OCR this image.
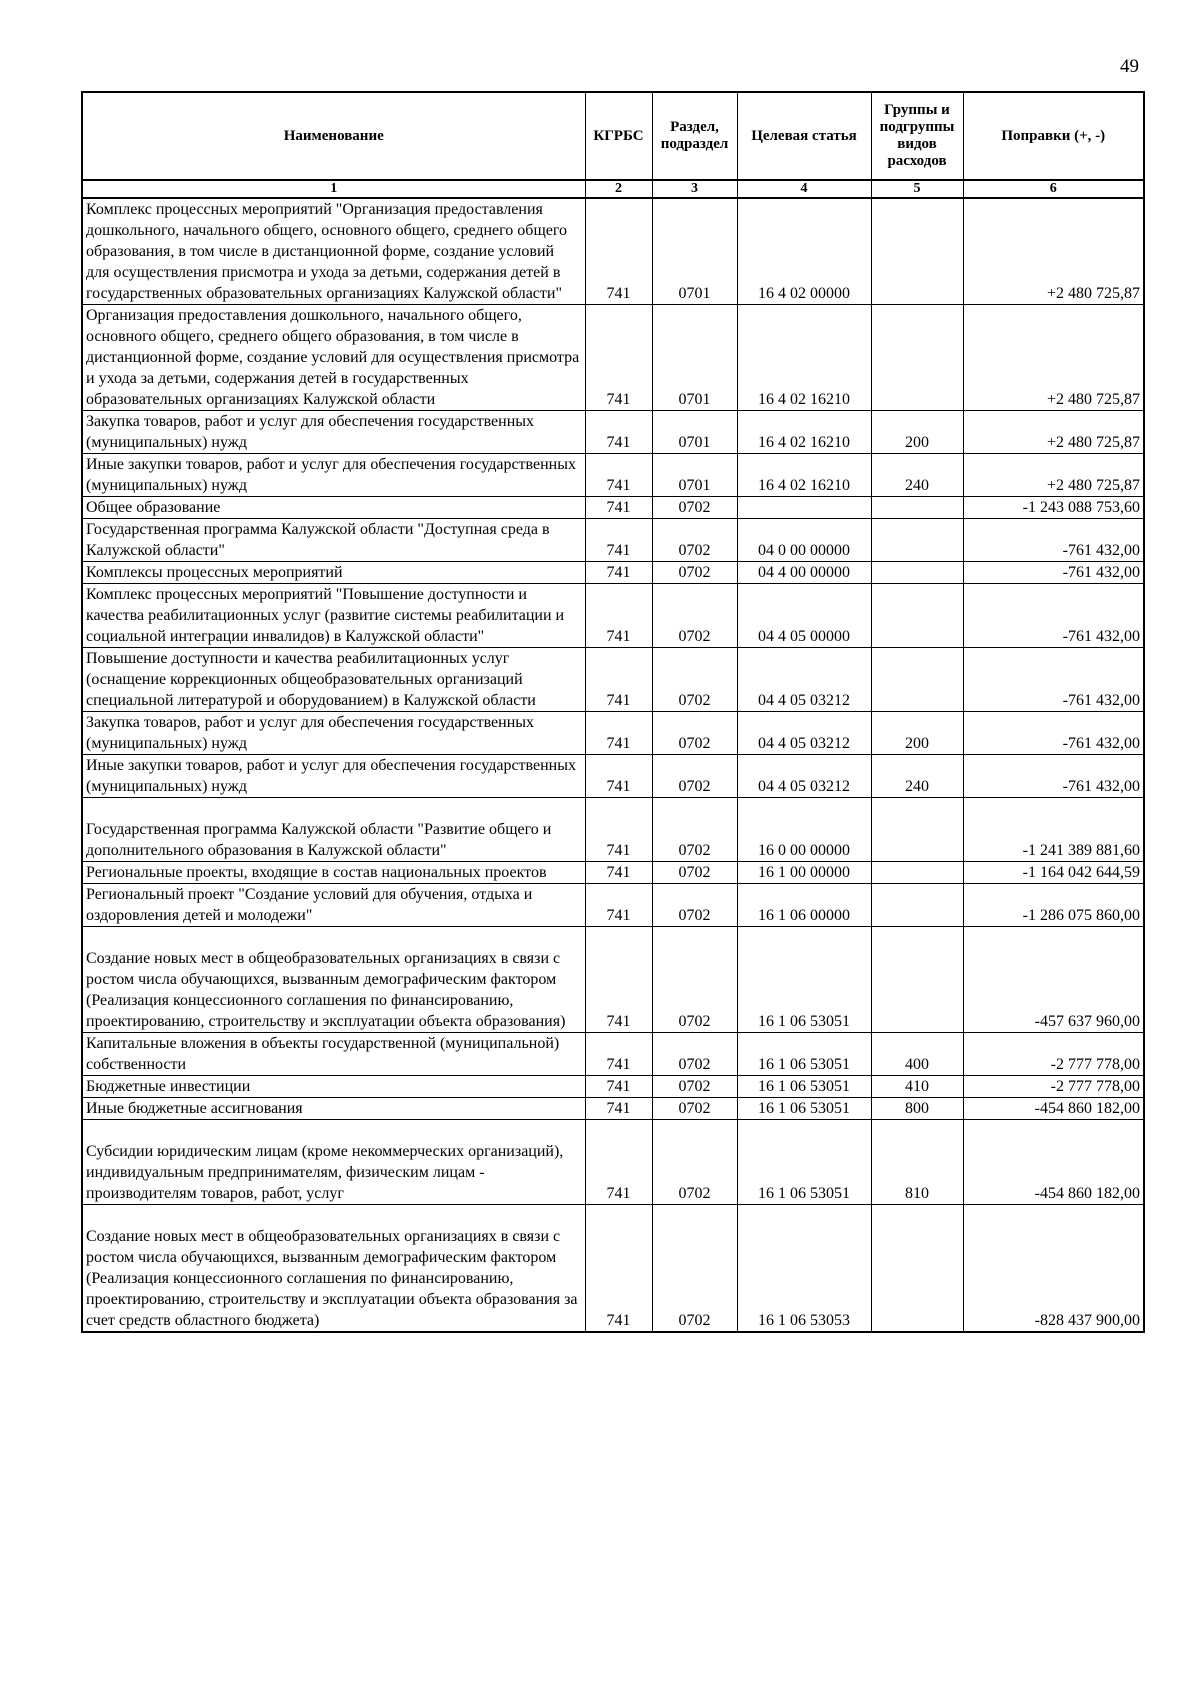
49
Наименование	КГРБС	Раздел, подраздел	Целевая статья	Группы и подгруппы видов расходов	Поправки (+, -)
1	2	3	4	5	6
Комплекс процессных мероприятий "Организация предоставления дошкольного, начального общего, основного общего, среднего общего образования, в том числе в дистанционной форме, создание условий для осуществления присмотра и ухода за детьми, содержания детей в государственных образовательных организациях Калужской области"	741	0701	16 4 02 00000		+2 480 725,87
Организация предоставления дошкольного, начального общего, основного общего, среднего общего образования, в том числе в дистанционной форме, создание условий для осуществления присмотра и ухода за детьми, содержания детей в государственных образовательных организациях Калужской области	741	0701	16 4 02 16210		+2 480 725,87
Закупка товаров, работ и услуг для обеспечения государственных (муниципальных) нужд	741	0701	16 4 02 16210	200	+2 480 725,87
Иные закупки товаров, работ и услуг для обеспечения государственных (муниципальных) нужд	741	0701	16 4 02 16210	240	+2 480 725,87
Общее образование	741	0702			-1 243 088 753,60
Государственная программа Калужской области "Доступная среда в Калужской области"	741	0702	04 0 00 00000		-761 432,00
Комплексы процессных мероприятий	741	0702	04 4 00 00000		-761 432,00
Комплекс процессных мероприятий "Повышение доступности и качества реабилитационных услуг (развитие системы реабилитации и социальной интеграции инвалидов) в Калужской области"	741	0702	04 4 05 00000		-761 432,00
Повышение доступности и качества реабилитационных услуг (оснащение коррекционных общеобразовательных организаций специальной литературой и оборудованием) в Калужской области	741	0702	04 4 05 03212		-761 432,00
Закупка товаров, работ и услуг для обеспечения государственных (муниципальных) нужд	741	0702	04 4 05 03212	200	-761 432,00
Иные закупки товаров, работ и услуг для обеспечения государственных (муниципальных) нужд	741	0702	04 4 05 03212	240	-761 432,00
Государственная программа Калужской области "Развитие общего и дополнительного образования в Калужской области"	741	0702	16 0 00 00000		-1 241 389 881,60
Региональные проекты, входящие в состав национальных проектов	741	0702	16 1 00 00000		-1 164 042 644,59
Региональный проект "Создание условий для обучения, отдыха и оздоровления детей и молодежи"	741	0702	16 1 06 00000		-1 286 075 860,00
Создание новых мест в общеобразовательных организациях в связи с ростом числа обучающихся, вызванным демографическим фактором (Реализация концессионного соглашения по финансированию, проектированию, строительству и эксплуатации объекта образования)	741	0702	16 1 06 53051		-457 637 960,00
Капитальные вложения в объекты государственной (муниципальной) собственности	741	0702	16 1 06 53051	400	-2 777 778,00
Бюджетные инвестиции	741	0702	16 1 06 53051	410	-2 777 778,00
Иные бюджетные ассигнования	741	0702	16 1 06 53051	800	-454 860 182,00
Субсидии юридическим лицам (кроме некоммерческих организаций), индивидуальным предпринимателям, физическим лицам - производителям товаров, работ, услуг	741	0702	16 1 06 53051	810	-454 860 182,00
Создание новых мест в общеобразовательных организациях в связи с ростом числа обучающихся, вызванным демографическим фактором (Реализация концессионного соглашения по финансированию, проектированию, строительству и эксплуатации объекта образования за счет средств областного бюджета)	741	0702	16 1 06 53053		-828 437 900,00
